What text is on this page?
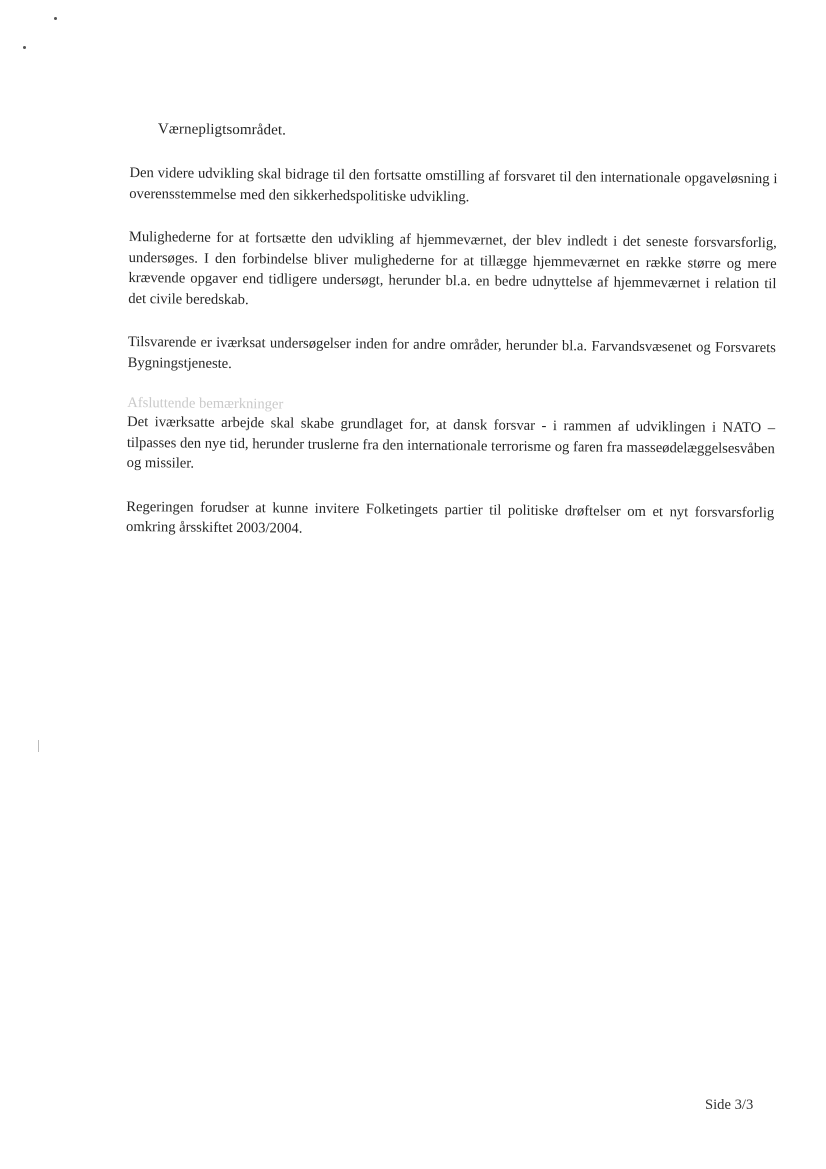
Værnepligtsområdet.

Den videre udvikling skal bidrage til den fortsatte omstilling af forsvaret til den internationale opgaveløsning i overensstemmelse med den sikkerhedspolitiske udvikling.

Mulighederne for at fortsætte den udvikling af hjemmeværnet, der blev indledt i det seneste forsvarsforlig, undersøges. I den forbindelse bliver mulighederne for at tillægge hjemmeværnet en række større og mere krævende opgaver end tidligere undersøgt, herunder bl.a. en bedre udnyttelse af hjemmeværnet i relation til det civile beredskab.

Tilsvarende er iværksat undersøgelser inden for andre områder, herunder bl.a. Farvandsvæsenet og Forsvarets Bygningstjeneste.

Afsluttende bemærkninger

Det iværksatte arbejde skal skabe grundlaget for, at dansk forsvar - i rammen af udviklingen i NATO – tilpasses den nye tid, herunder truslerne fra den internationale terrorisme og faren fra masseødelæggelsesvåben og missiler.

Regeringen forudser at kunne invitere Folketingets partier til politiske drøftelser om et nyt forsvarsforlig omkring årsskiftet 2003/2004.

Side 3/3
